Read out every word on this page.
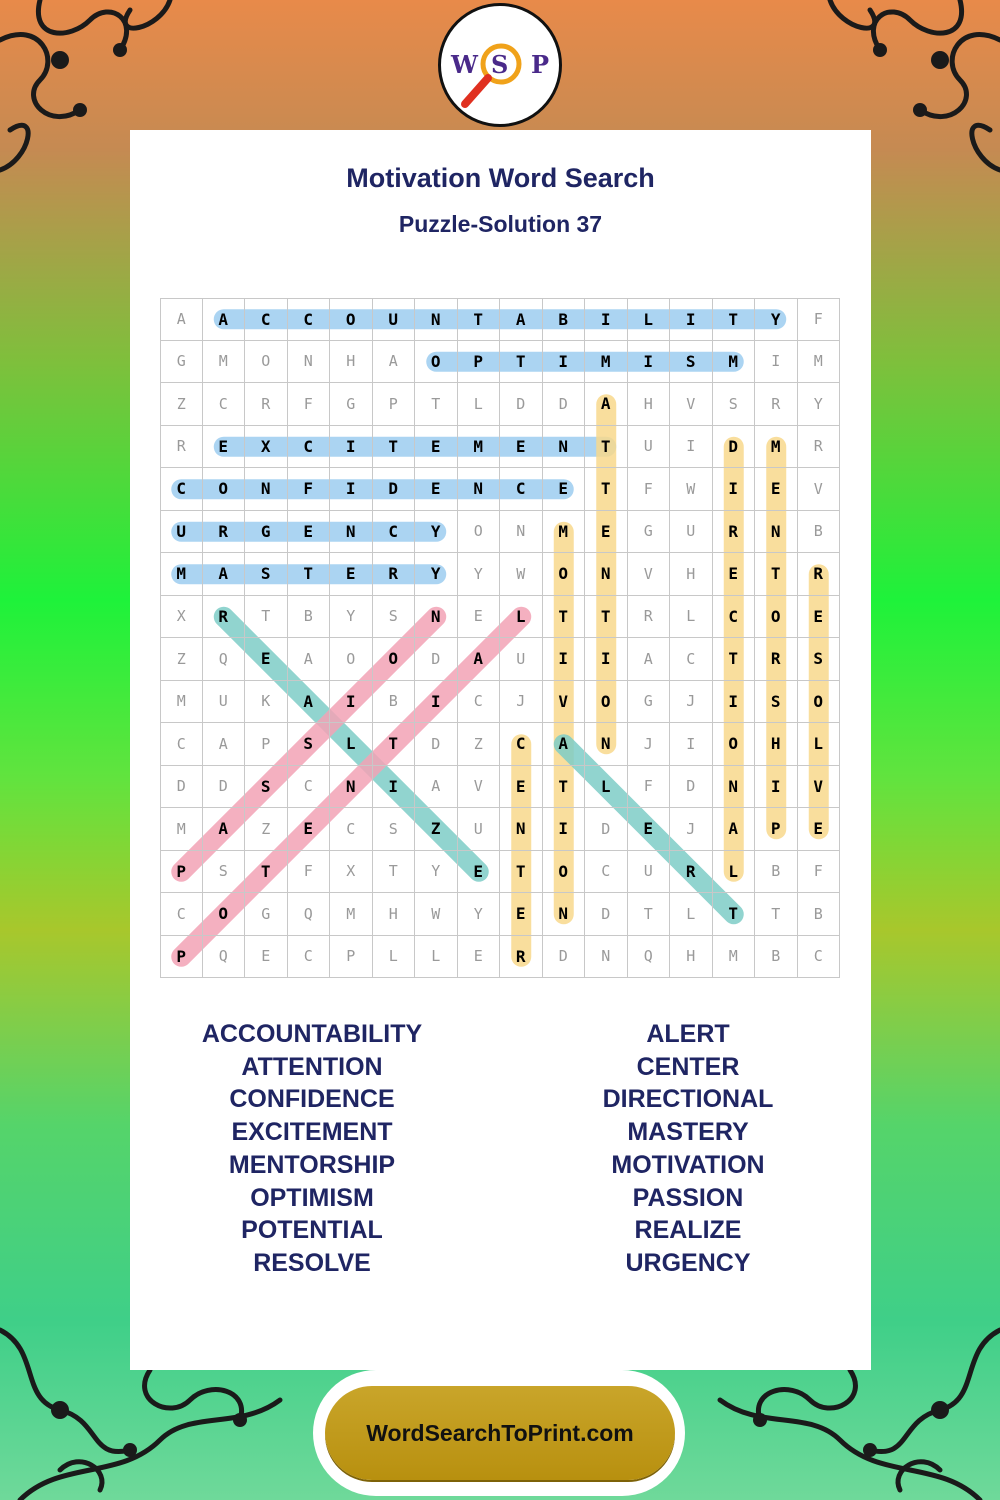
W S P
Motivation Word Search
Puzzle-Solution 37
A	A	C	C	O	U	N	T	A	B	I	L	I	T	Y	F
G	M	O	N	H	A	O	P	T	I	M	I	S	M	I	M
Z	C	R	F	G	P	T	L	D	D	A	H	V	S	R	Y
R	E	X	C	I	T	E	M	E	N	T	U	I	D	M	R
C	O	N	F	I	D	E	N	C	E	T	F	W	I	E	V
U	R	G	E	N	C	Y	O	N	M	E	G	U	R	N	B
M	A	S	T	E	R	Y	Y	W	O	N	V	H	E	T	R
X	R	T	B	Y	S	N	E	L	T	T	R	L	C	O	E
Z	Q	E	A	O	O	D	A	U	I	I	A	C	T	R	S
M	U	K	A	I	B	I	C	J	V	O	G	J	I	S	O
C	A	P	S	L	T	D	Z	C	A	N	J	I	O	H	L
D	D	S	C	N	I	A	V	E	T	L	F	D	N	I	V
M	A	Z	E	C	S	Z	U	N	I	D	E	J	A	P	E
P	S	T	F	X	T	Y	E	T	O	C	U	R	L	B	F
C	O	G	Q	M	H	W	Y	E	N	D	T	L	T	T	B
P	Q	E	C	P	L	L	E	R	D	N	Q	H	M	B	C
ACCOUNTABILITY
ATTENTION
CONFIDENCE
EXCITEMENT
MENTORSHIP
OPTIMISM
POTENTIAL
RESOLVE
ALERT
CENTER
DIRECTIONAL
MASTERY
MOTIVATION
PASSION
REALIZE
URGENCY
WordSearchToPrint.com
